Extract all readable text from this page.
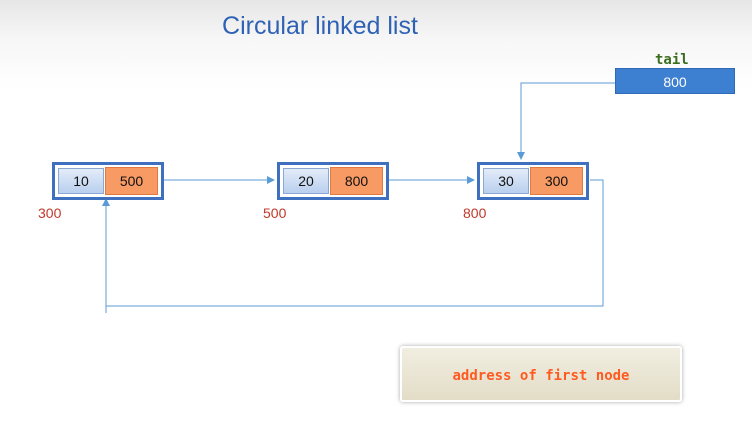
Circular linked list
10	500
300
20	800
500
30	300
800
tail
800
address of first node
